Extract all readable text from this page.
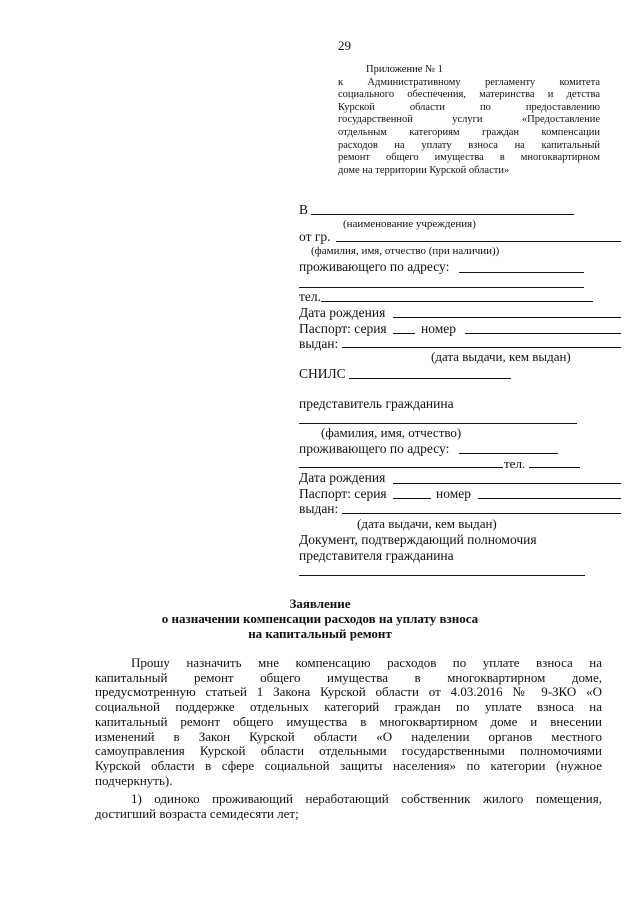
29
Приложение № 1
к Административному регламенту комитета
социального обеспечения, материнства и детства
Курской области по предоставлению
государственной услуги «Предоставление
отдельным категориям граждан компенсации
расходов на уплату взноса на капитальный
ремонт общего имущества в многоквартирном
доме на территории Курской области»
В
(наименование учреждения)
от гр.
(фамилия, имя, отчество (при наличии))
проживающего по адресу:
тел.
Дата рождения
Паспорт: серия	номер
выдан:
(дата выдачи, кем выдан)
СНИЛС
представитель гражданина
(фамилия, имя, отчество)
проживающего по адресу:
тел.
Дата рождения
Паспорт: серия	номер
выдан:
(дата выдачи, кем выдан)
Документ, подтверждающий полномочия
представителя гражданина
Заявление
о назначении компенсации расходов на уплату взноса
на капитальный ремонт

Прошу назначить мне компенсацию расходов по уплате взноса на

капитальный ремонт общего имущества в многоквартирном доме,

предусмотренную статьей 1 Закона Курской области от 4.03.2016 № 9-ЗКО «О

социальной поддержке отдельных категорий граждан по уплате взноса на

капитальный ремонт общего имущества в многоквартирном доме и внесении

изменений в Закон Курской области «О наделении органов местного

самоуправления Курской области отдельными государственными полномочиями

Курской области в сфере социальной защиты населения» по категории (нужное

подчеркнуть).

1) одиноко проживающий неработающий собственник жилого помещения,

достигший возраста семидесяти лет;
